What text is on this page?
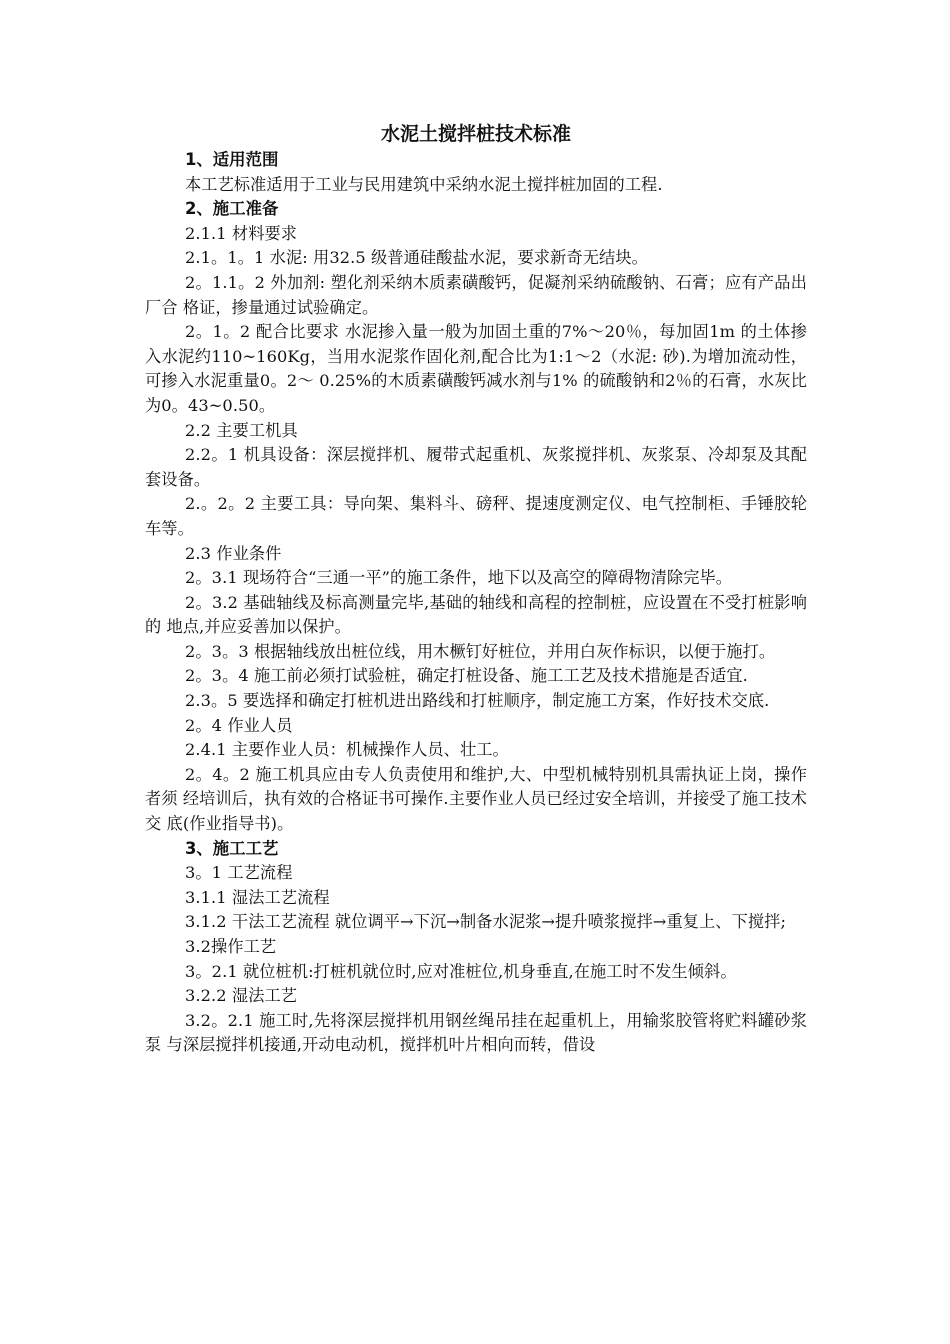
水泥土搅拌桩技术标准

1、适用范围

本工艺标准适用于工业与民用建筑中采纳水泥土搅拌桩加固的工程.

2、施工准备

2.1.1 材料要求

2.1。1。1 水泥: 用32.5 级普通硅酸盐水泥，要求新奇无结块。

2。1.1。2 外加剂: 塑化剂采纳木质素磺酸钙，促凝剂采纳硫酸钠、石膏；应有产品出厂合 格证，掺量通过试验确定。

2。1。2 配合比要求 水泥掺入量一般为加固土重的7%～20％，每加固1m 的土体掺入水泥约110~160Kg，当用水泥浆作固化剂,配合比为1:1～2（水泥: 砂).为增加流动性，可掺入水泥重量0。2～ 0.25%的木质素磺酸钙减水剂与1% 的硫酸钠和2％的石膏，水灰比为0。43~0.50。

2.2 主要工机具

2.2。1 机具设备：深层搅拌机、履带式起重机、灰浆搅拌机、灰浆泵、冷却泵及其配套设备。

2.。2。2 主要工具：导向架、集料斗、磅秤、提速度测定仪、电气控制柜、手锤胶轮车等。

2.3 作业条件

2。3.1 现场符合“三通一平”的施工条件，地下以及高空的障碍物清除完毕。

2。3.2 基础轴线及标高测量完毕,基础的轴线和高程的控制桩，应设置在不受打桩影响的 地点,并应妥善加以保护。

2。3。3 根据轴线放出桩位线，用木橛钉好桩位，并用白灰作标识，以便于施打。

2。3。4 施工前必须打试验桩，确定打桩设备、施工工艺及技术措施是否适宜.

2.3。5 要选择和确定打桩机进出路线和打桩顺序，制定施工方案，作好技术交底.

2。4 作业人员

2.4.1 主要作业人员：机械操作人员、壮工。

2。4。2 施工机具应由专人负责使用和维护,大、中型机械特别机具需执证上岗，操作者须 经培训后，执有效的合格证书可操作.主要作业人员已经过安全培训，并接受了施工技术交 底(作业指导书)。

3、施工工艺

3。1 工艺流程

3.1.1 湿法工艺流程

3.1.2 干法工艺流程 就位调平→下沉→制备水泥浆→提升喷浆搅拌→重复上、下搅拌;

3.2操作工艺

3。2.1 就位桩机:打桩机就位时,应对准桩位,机身垂直,在施工时不发生倾斜。

3.2.2 湿法工艺

3.2。2.1 施工时,先将深层搅拌机用钢丝绳吊挂在起重机上，用输浆胶管将贮料罐砂浆泵 与深层搅拌机接通,开动电动机，搅拌机叶片相向而转，借设
